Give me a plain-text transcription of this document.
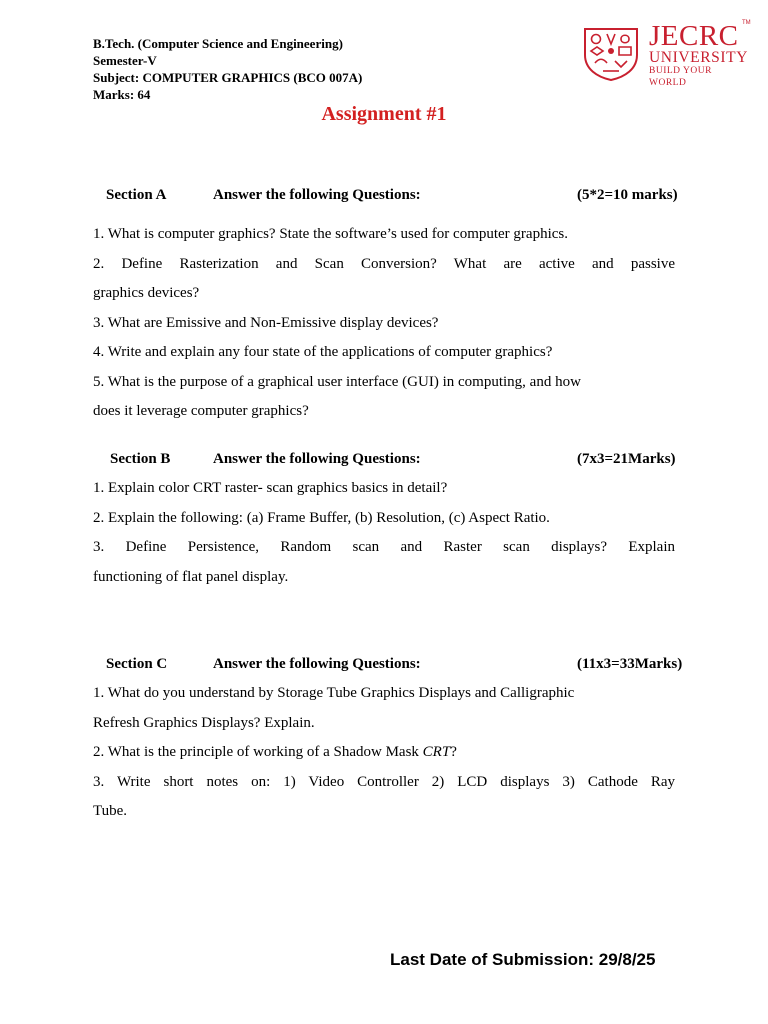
B.Tech. (Computer Science and Engineering)
Semester-V
Subject: COMPUTER GRAPHICS (BCO 007A)
Marks: 64
JECRC
UNIVERSITY
BUILD YOUR WORLD
TM
Assignment #1
Section A	Answer the following Questions:	(5*2=10 marks)
1. What is computer graphics? State the software’s used for computer graphics.
2. Define Rasterization and Scan Conversion? What are active and passive
graphics devices?
3. What are Emissive and Non-Emissive display devices?
4. Write and explain any four state of the applications of computer graphics?
5. What is the purpose of a graphical user interface (GUI) in computing, and how
does it leverage computer graphics?
Section B	Answer the following Questions:	(7x3=21Marks)
1. Explain color CRT raster- scan graphics basics in detail?
2. Explain the following: (a) Frame Buffer, (b) Resolution, (c) Aspect Ratio.
3. Define Persistence, Random scan and Raster scan displays? Explain
functioning of flat panel display.
Section C	Answer the following Questions:	(11x3=33Marks)
1. What do you understand by Storage Tube Graphics Displays and Calligraphic
Refresh Graphics Displays? Explain.
2. What is the principle of working of a Shadow Mask CRT?
3. Write short notes on: 1) Video Controller 2) LCD displays 3) Cathode Ray
Tube.
Last Date of Submission: 29/8/25
